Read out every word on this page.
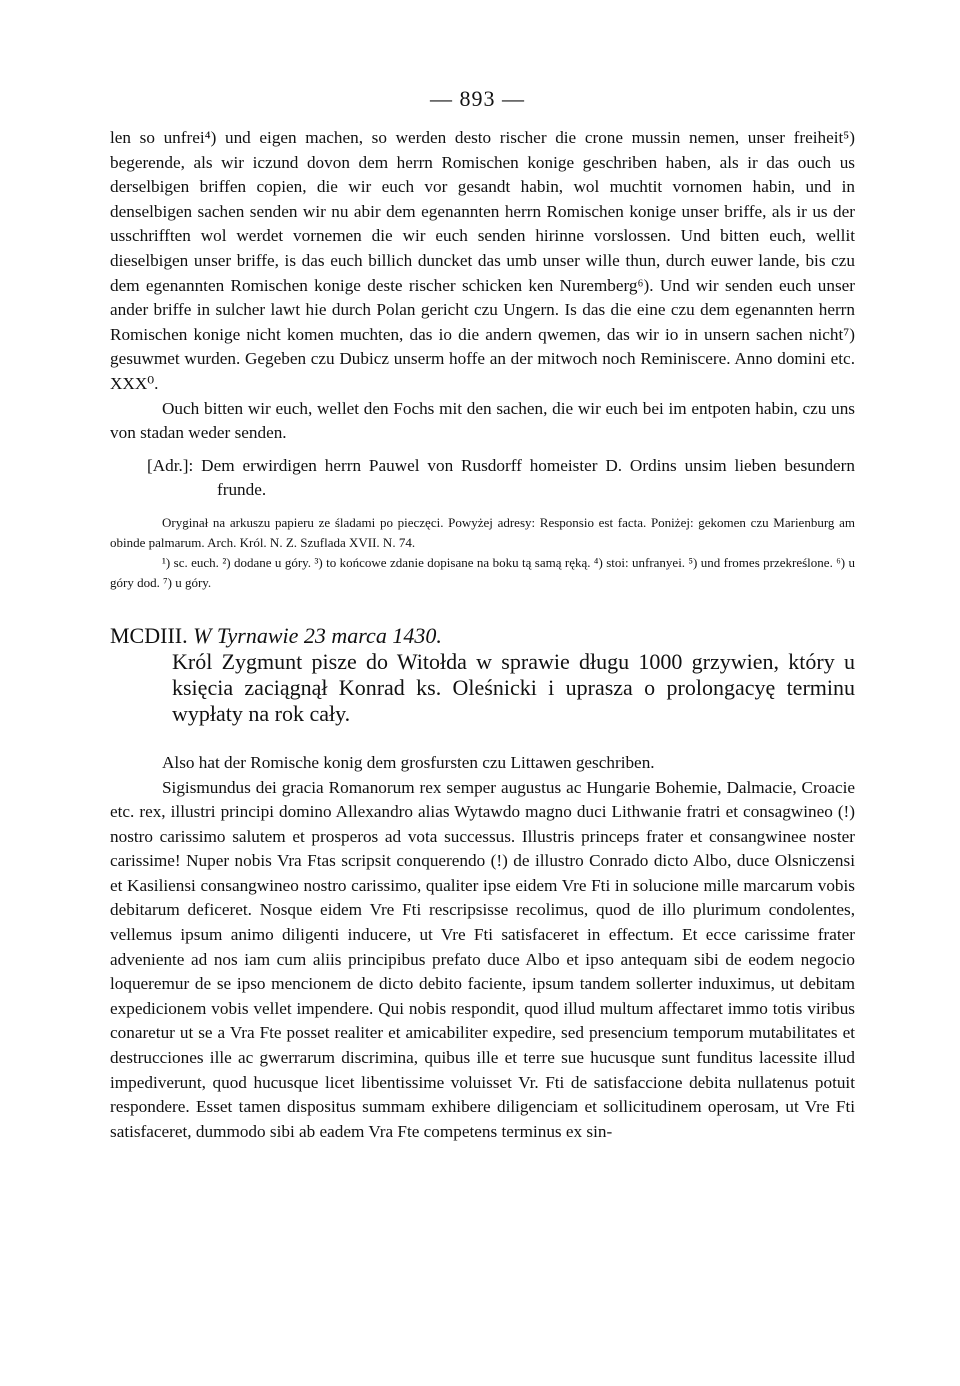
— 893 —

len so unfrei⁴) und eigen machen, so werden desto rischer die crone mussin nemen, unser freiheit⁵) begerende, als wir iczund dovon dem herrn Romischen konige geschriben haben, als ir das ouch us derselbigen briffen copien, die wir euch vor gesandt habin, wol muchtit vornomen habin, und in denselbigen sachen senden wir nu abir dem egenannten herrn Romischen konige unser briffe, als ir us der usschrifften wol werdet vornemen die wir euch senden hirinne vorslossen. Und bitten euch, wellit dieselbigen unser briffe, is das euch billich duncket das umb unser wille thun, durch euwer lande, bis czu dem egenannten Romischen konige deste rischer schicken ken Nuremberg⁶). Und wir senden euch unser ander briffe in sulcher lawt hie durch Polan gericht czu Ungern. Is das die eine czu dem egenannten herrn Romischen konige nicht komen muchten, das io die andern qwemen, das wir io in unsern sachen nicht⁷) gesuwmet wurden. Gegeben czu Dubicz unserm hoffe an der mitwoch noch Reminiscere. Anno domini etc. XXX⁰.

Ouch bitten wir euch, wellet den Fochs mit den sachen, die wir euch bei im entpoten habin, czu uns von stadan weder senden.

[Adr.]: Dem erwirdigen herrn Pauwel von Rusdorff homeister D. Ordins unsim lieben besundern frunde.

Oryginał na arkuszu papieru ze śladami po pieczęci. Powyżej adresy: Responsio est facta. Poniżej: gekomen czu Marienburg am obinde palmarum. Arch. Król. N. Z. Szuflada XVII. N. 74.

¹) sc. euch. ²) dodane u góry. ³) to końcowe zdanie dopisane na boku tą samą ręką. ⁴) stoi: unfranyei. ⁵) und fromes przekreślone. ⁶) u góry dod. ⁷) u góry.

MCDIII. W Tyrnawie 23 marca 1430.
Król Zygmunt pisze do Witołda w sprawie długu 1000 grzywien, który u księcia zaciągnął Konrad ks. Oleśnicki i uprasza o prolongacyę terminu wypłaty na rok cały.

Also hat der Romische konig dem grosfursten czu Littawen geschriben.

Sigismundus dei gracia Romanorum rex semper augustus ac Hungarie Bohemie, Dalmacie, Croacie etc. rex, illustri principi domino Allexandro alias Wytawdo magno duci Lithwanie fratri et consagwineo (!) nostro carissimo salutem et prosperos ad vota successus. Illustris princeps frater et consangwinee noster carissime! Nuper nobis Vra Ftas scripsit conquerendo (!) de illustro Conrado dicto Albo, duce Olsniczensi et Kasiliensi consangwineo nostro carissimo, qualiter ipse eidem Vre Fti in solucione mille marcarum vobis debitarum deficeret. Nosque eidem Vre Fti rescripsisse recolimus, quod de illo plurimum condolentes, vellemus ipsum animo diligenti inducere, ut Vre Fti satisfaceret in effectum. Et ecce carissime frater adveniente ad nos iam cum aliis principibus prefato duce Albo et ipso antequam sibi de eodem negocio loqueremur de se ipso mencionem de dicto debito faciente, ipsum tandem sollerter induximus, ut debitam expedicionem vobis vellet impendere. Qui nobis respondit, quod illud multum affectaret immo totis viribus conaretur ut se a Vra Fte posset realiter et amicabiliter expedire, sed presencium temporum mutabilitates et destrucciones ille ac gwerrarum discrimina, quibus ille et terre sue hucusque sunt funditus lacessite illud impediverunt, quod hucusque licet libentissime voluisset Vr. Fti de satisfaccione debita nullatenus potuit respondere. Esset tamen dispositus summam exhibere diligenciam et sollicitudinem operosam, ut Vre Fti satisfaceret, dummodo sibi ab eadem Vra Fte competens terminus ex sin-
